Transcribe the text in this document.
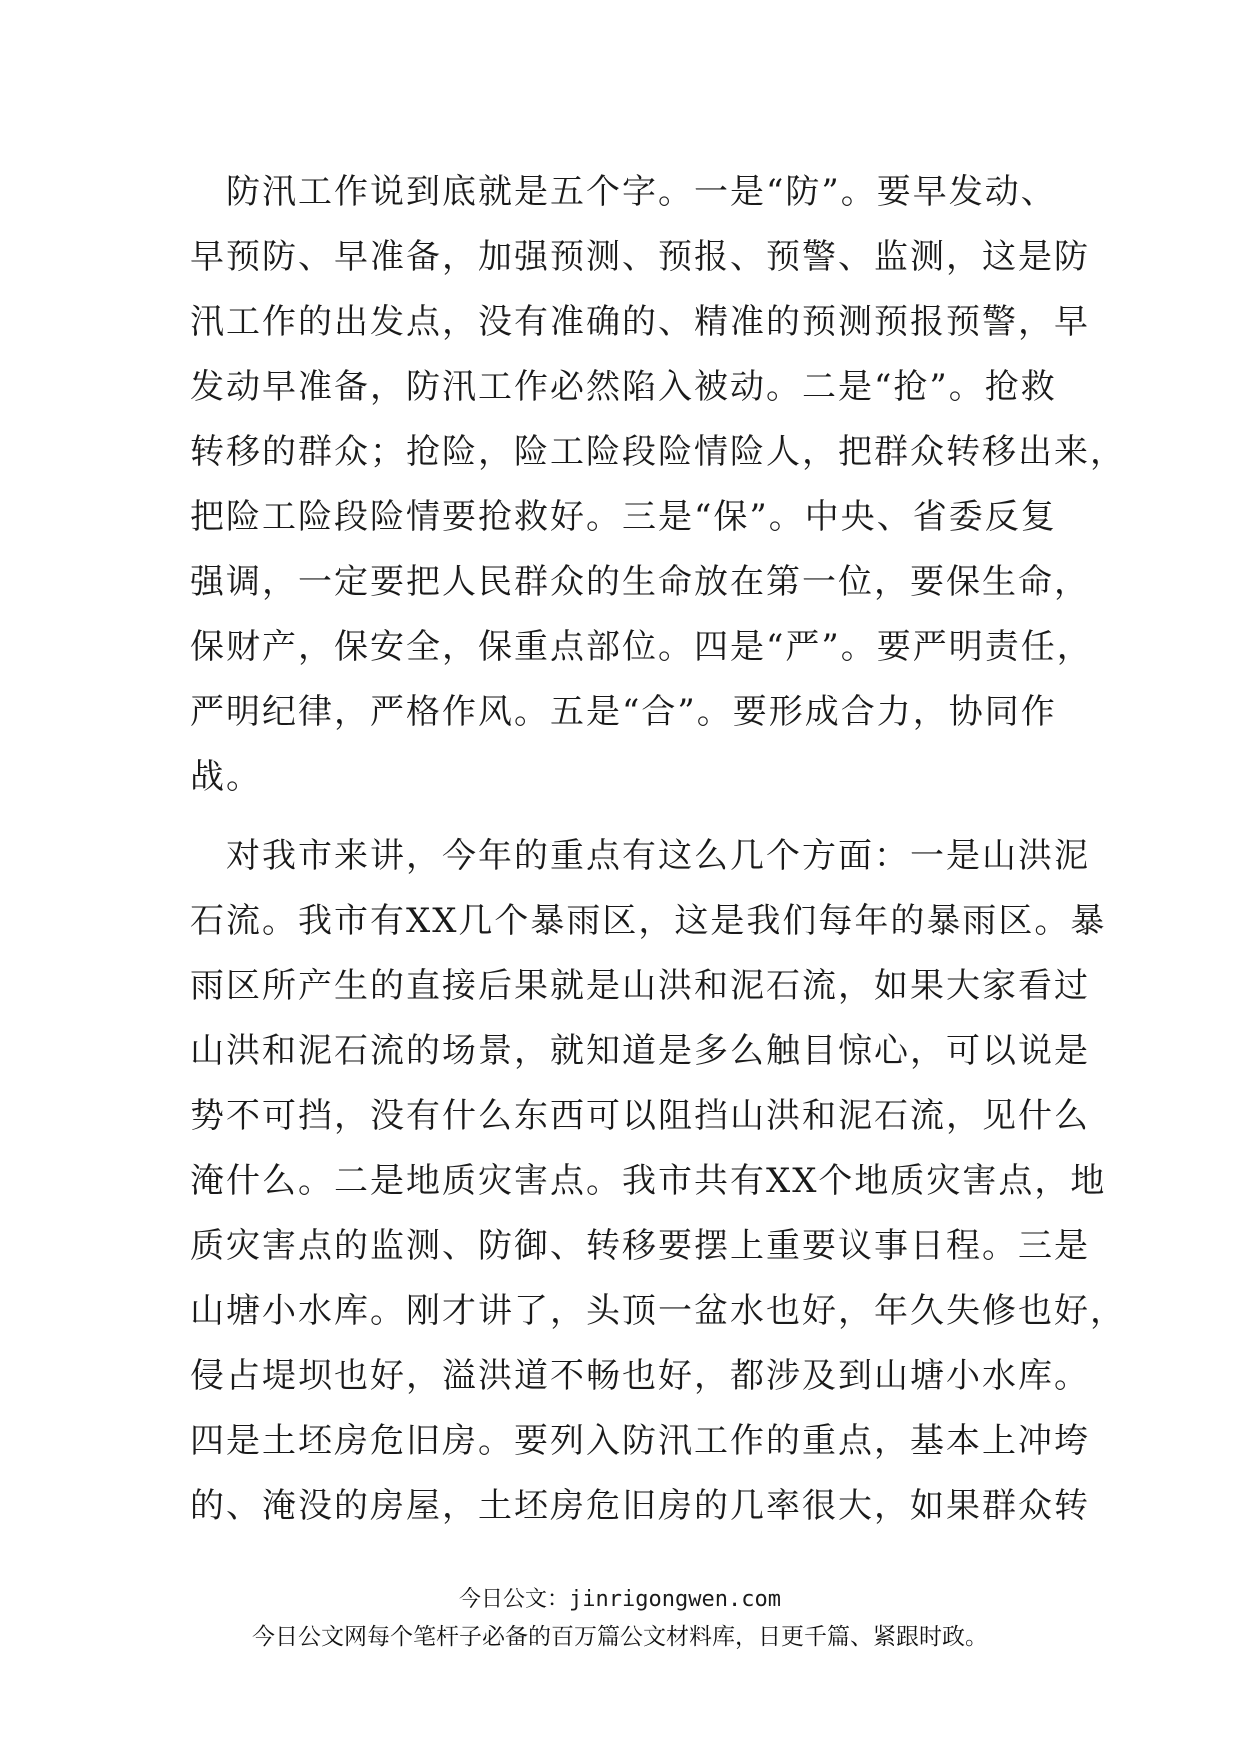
　防汛工作说到底就是五个字。一是“防”。要早发动、
早预防、早准备，加强预测、预报、预警、监测，这是防
汛工作的出发点，没有准确的、精准的预测预报预警，早
发动早准备，防汛工作必然陷入被动。二是“抢”。抢救
转移的群众；抢险，险工险段险情险人，把群众转移出来，
把险工险段险情要抢救好。三是“保”。中央、省委反复
强调，一定要把人民群众的生命放在第一位，要保生命，
保财产，保安全，保重点部位。四是“严”。要严明责任，
严明纪律，严格作风。五是“合”。要形成合力，协同作
战。

　对我市来讲，今年的重点有这么几个方面：一是山洪泥
石流。我市有XX几个暴雨区，这是我们每年的暴雨区。暴
雨区所产生的直接后果就是山洪和泥石流，如果大家看过
山洪和泥石流的场景，就知道是多么触目惊心，可以说是
势不可挡，没有什么东西可以阻挡山洪和泥石流，见什么
淹什么。二是地质灾害点。我市共有XX个地质灾害点，地
质灾害点的监测、防御、转移要摆上重要议事日程。三是
山塘小水库。刚才讲了，头顶一盆水也好，年久失修也好，
侵占堤坝也好，溢洪道不畅也好，都涉及到山塘小水库。
四是土坯房危旧房。要列入防汛工作的重点，基本上冲垮
的、淹没的房屋，土坯房危旧房的几率很大，如果群众转

今日公文：jinrigongwen.com
今日公文网每个笔杆子必备的百万篇公文材料库，日更千篇、紧跟时政。
